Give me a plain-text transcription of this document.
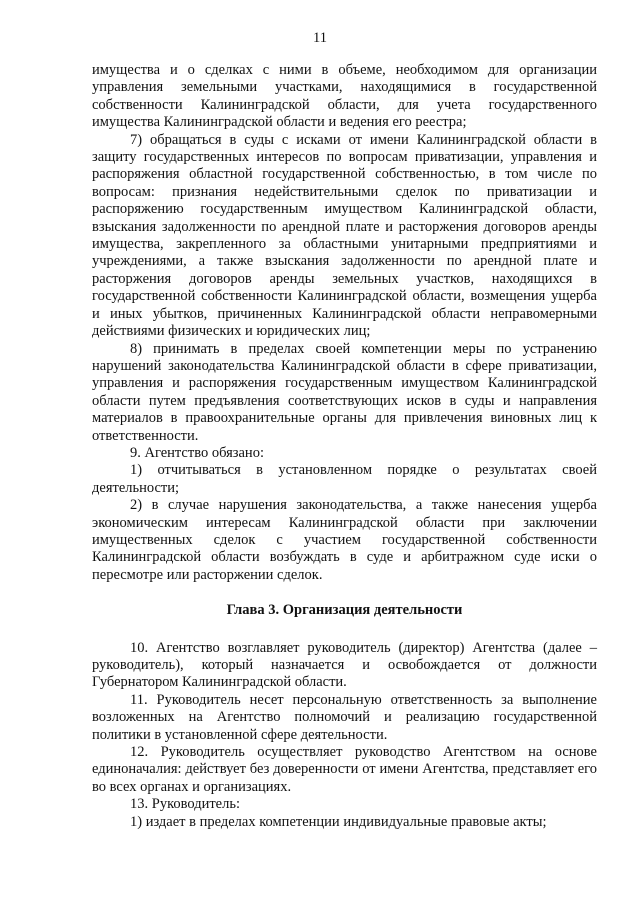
11

имущества и о сделках с ними в объеме, необходимом для организации управления земельными участками, находящимися в государственной собственности Калининградской области, для учета государственного имущества Калининградской области и ведения его реестра;

7) обращаться в суды с исками от имени Калининградской области в защиту государственных интересов по вопросам приватизации, управления и распоряжения областной государственной собственностью, в том числе по вопросам: признания недействительными сделок по приватизации и распоряжению государственным имуществом Калининградской области, взыскания задолженности по арендной плате и расторжения договоров аренды имущества, закрепленного за областными унитарными предприятиями и учреждениями, а также взыскания задолженности по арендной плате и расторжения договоров аренды земельных участков, находящихся в государственной собственности Калининградской области, возмещения ущерба и иных убытков, причиненных Калининградской области неправомерными действиями физических и юридических лиц;

8) принимать в пределах своей компетенции меры по устранению нарушений законодательства Калининградской области в сфере приватизации, управления и распоряжения государственным имуществом Калининградской области путем предъявления соответствующих исков в суды и направления материалов в правоохранительные органы для привлечения виновных лиц к ответственности.

9. Агентство обязано:

1) отчитываться в установленном порядке о результатах своей деятельности;

2) в случае нарушения законодательства, а также нанесения ущерба экономическим интересам Калининградской области при заключении имущественных сделок с участием государственной собственности Калининградской области возбуждать в суде и арбитражном суде иски о пересмотре или расторжении сделок.

Глава 3. Организация деятельности

10. Агентство возглавляет руководитель (директор) Агентства (далее – руководитель), который назначается и освобождается от должности Губернатором Калининградской области.

11. Руководитель несет персональную ответственность за выполнение возложенных на Агентство полномочий и реализацию государственной политики в установленной сфере деятельности.

12. Руководитель осуществляет руководство Агентством на основе единоначалия: действует без доверенности от имени Агентства, представляет его во всех органах и организациях.

13. Руководитель:

1) издает в пределах компетенции индивидуальные правовые акты;
